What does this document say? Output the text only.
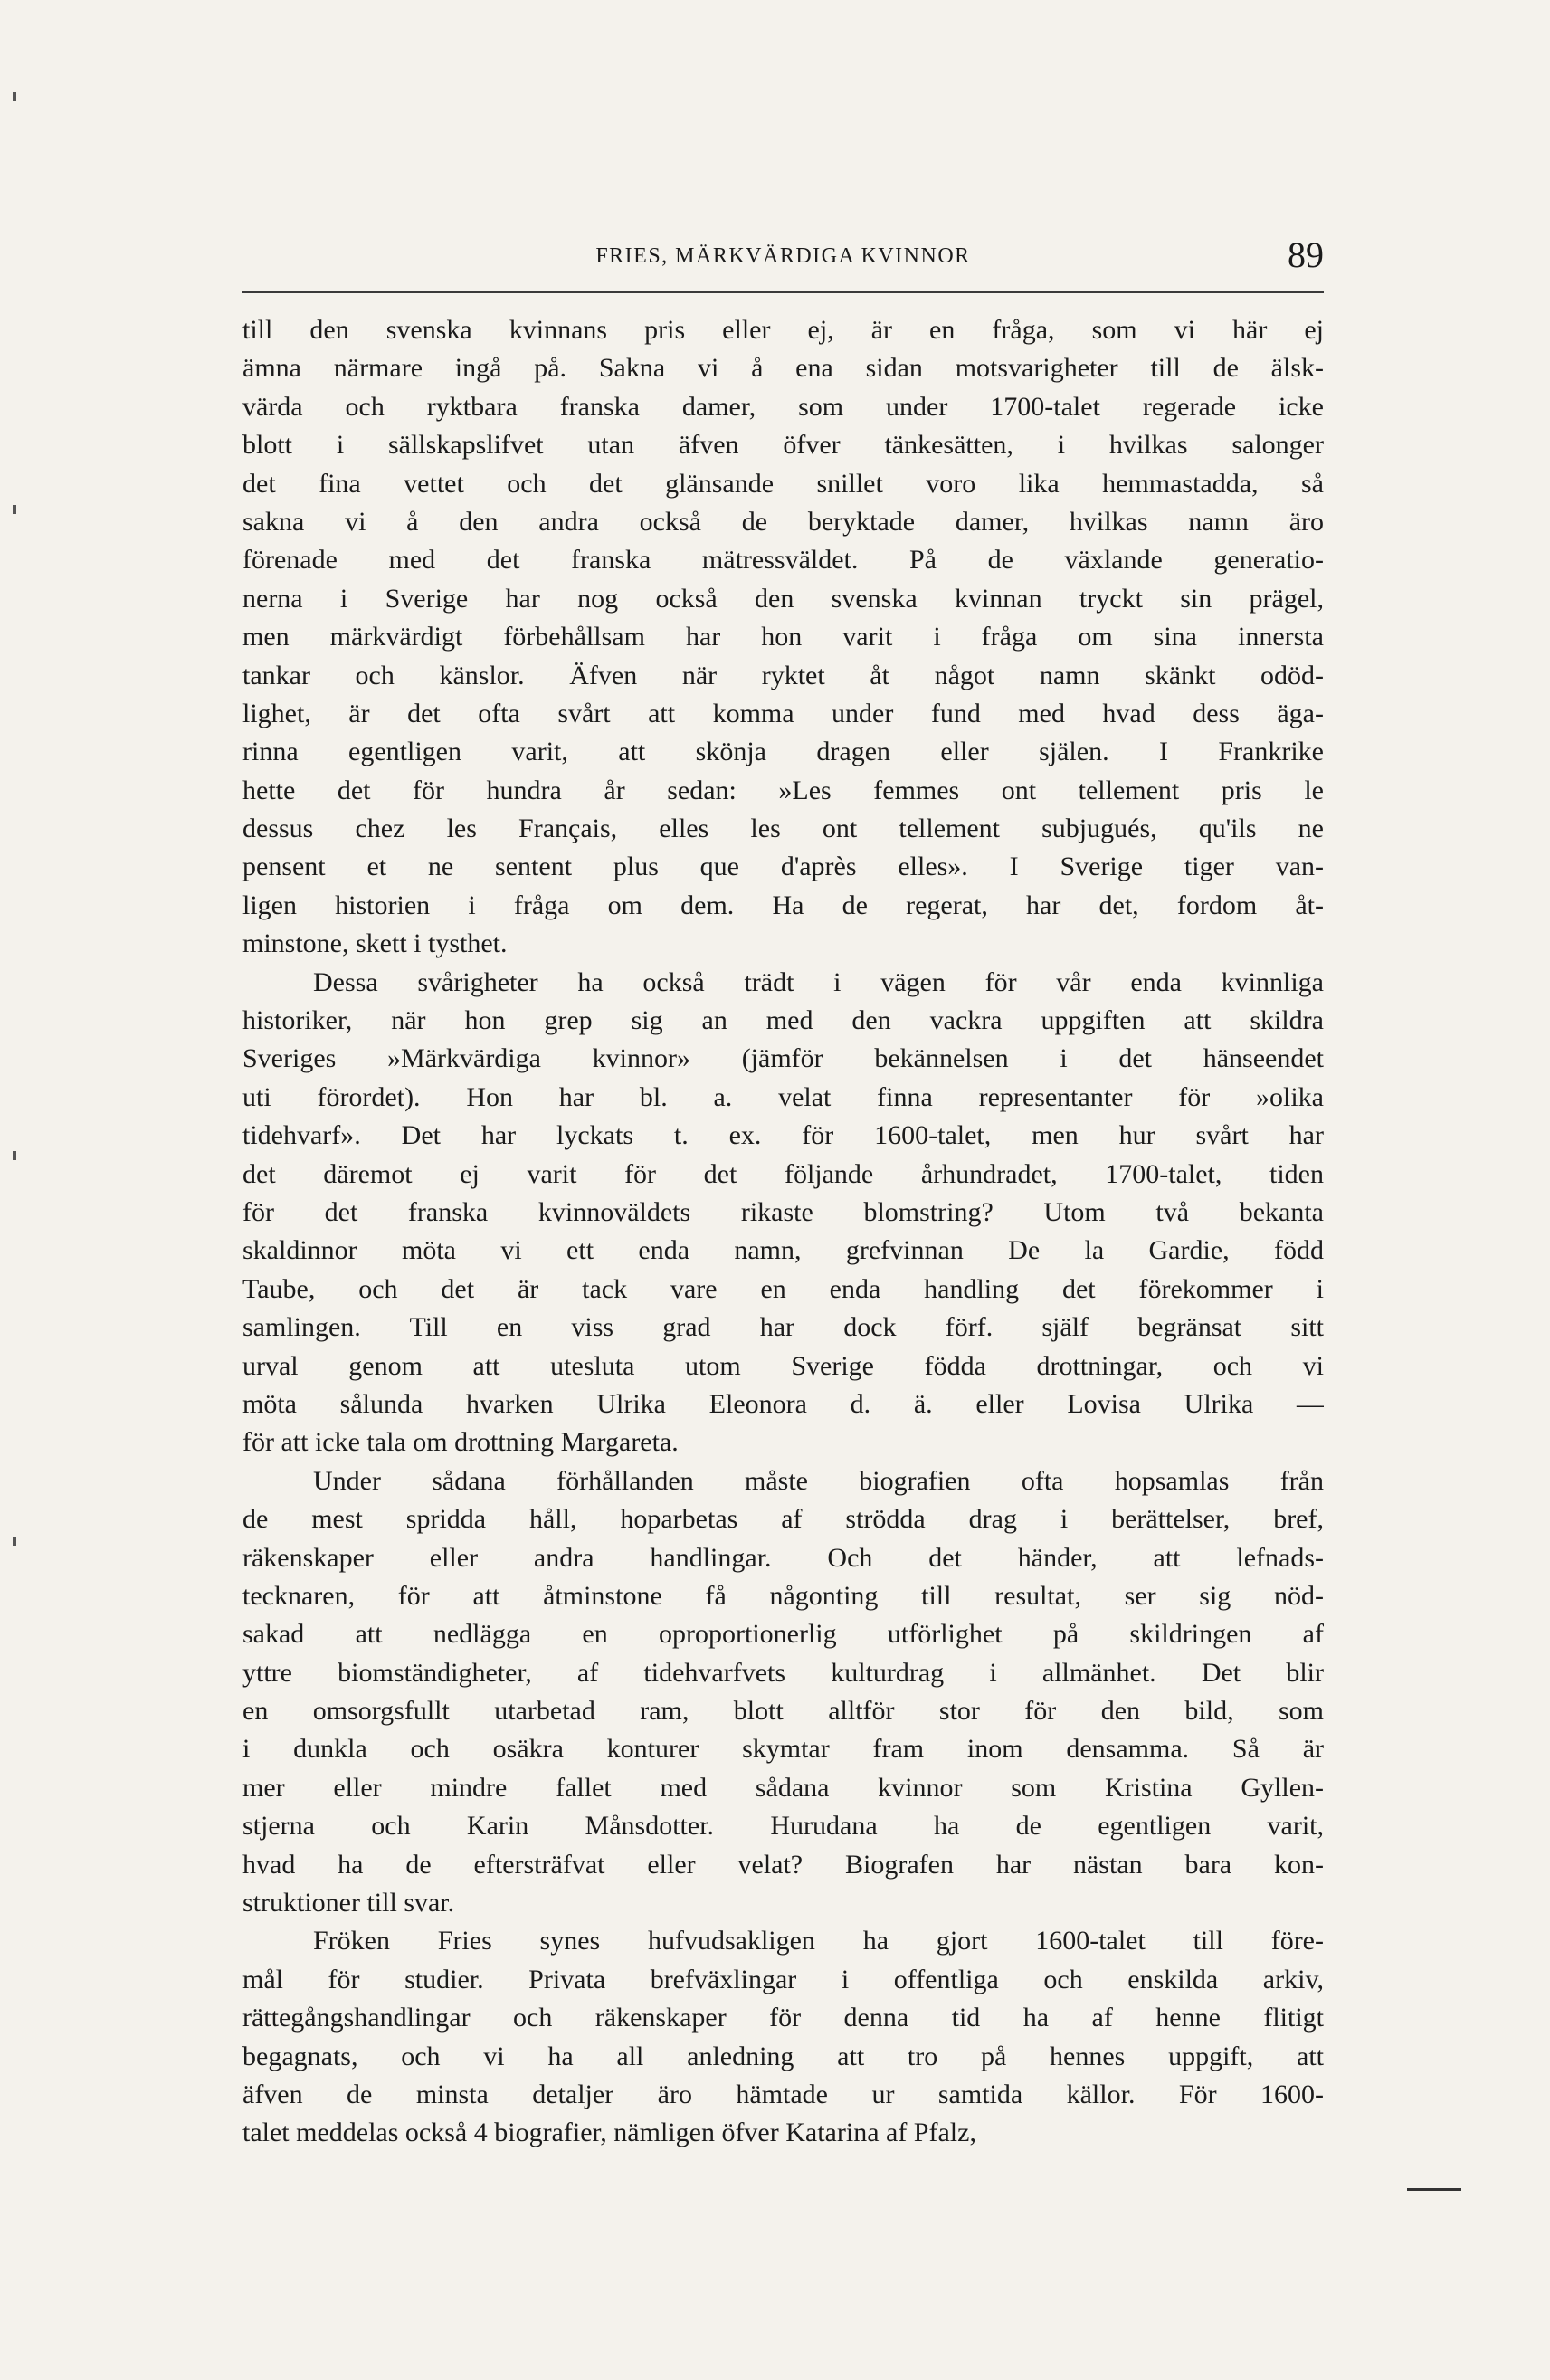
FRIES, MÄRKVÄRDIGA KVINNOR	89
till den svenska kvinnans pris eller ej, är en fråga, som vi här ej
ämna närmare ingå på. Sakna vi å ena sidan motsvarigheter till de älsk-
värda och ryktbara franska damer, som under 1700-talet regerade icke
blott i sällskapslifvet utan äfven öfver tänkesätten, i hvilkas salonger
det fina vettet och det glänsande snillet voro lika hemmastadda, så
sakna vi å den andra också de beryktade damer, hvilkas namn äro
förenade med det franska mätressväldet. På de växlande generatio-
nerna i Sverige har nog också den svenska kvinnan tryckt sin prägel,
men märkvärdigt förbehållsam har hon varit i fråga om sina innersta
tankar och känslor. Äfven när ryktet åt något namn skänkt odöd-
lighet, är det ofta svårt att komma under fund med hvad dess äga-
rinna egentligen varit, att skönja dragen eller själen. I Frankrike
hette det för hundra år sedan: »Les femmes ont tellement pris le
dessus chez les Français, elles les ont tellement subjugués, qu'ils ne
pensent et ne sentent plus que d'après elles». I Sverige tiger van-
ligen historien i fråga om dem. Ha de regerat, har det, fordom åt-
minstone, skett i tysthet.
Dessa svårigheter ha också trädt i vägen för vår enda kvinnliga
historiker, när hon grep sig an med den vackra uppgiften att skildra
Sveriges »Märkvärdiga kvinnor» (jämför bekännelsen i det hänseendet
uti förordet). Hon har bl. a. velat finna representanter för »olika
tidehvarf». Det har lyckats t. ex. för 1600-talet, men hur svårt har
det däremot ej varit för det följande århundradet, 1700-talet, tiden
för det franska kvinnoväldets rikaste blomstring? Utom två bekanta
skaldinnor möta vi ett enda namn, grefvinnan De la Gardie, född
Taube, och det är tack vare en enda handling det förekommer i
samlingen. Till en viss grad har dock förf. själf begränsat sitt
urval genom att utesluta utom Sverige födda drottningar, och vi
möta sålunda hvarken Ulrika Eleonora d. ä. eller Lovisa Ulrika —
för att icke tala om drottning Margareta.
Under sådana förhållanden måste biografien ofta hopsamlas från
de mest spridda håll, hoparbetas af strödda drag i berättelser, bref,
räkenskaper eller andra handlingar. Och det händer, att lefnads-
tecknaren, för att åtminstone få någonting till resultat, ser sig nöd-
sakad att nedlägga en oproportionerlig utförlighet på skildringen af
yttre biomständigheter, af tidehvarfvets kulturdrag i allmänhet. Det blir
en omsorgsfullt utarbetad ram, blott alltför stor för den bild, som
i dunkla och osäkra konturer skymtar fram inom densamma. Så är
mer eller mindre fallet med sådana kvinnor som Kristina Gyllen-
stjerna och Karin Månsdotter. Hurudana ha de egentligen varit,
hvad ha de eftersträfvat eller velat? Biografen har nästan bara kon-
struktioner till svar.
Fröken Fries synes hufvudsakligen ha gjort 1600-talet till före-
mål för studier. Privata brefväxlingar i offentliga och enskilda arkiv,
rättegångshandlingar och räkenskaper för denna tid ha af henne flitigt
begagnats, och vi ha all anledning att tro på hennes uppgift, att
äfven de minsta detaljer äro hämtade ur samtida källor. För 1600-
talet meddelas också 4 biografier, nämligen öfver Katarina af Pfalz,
